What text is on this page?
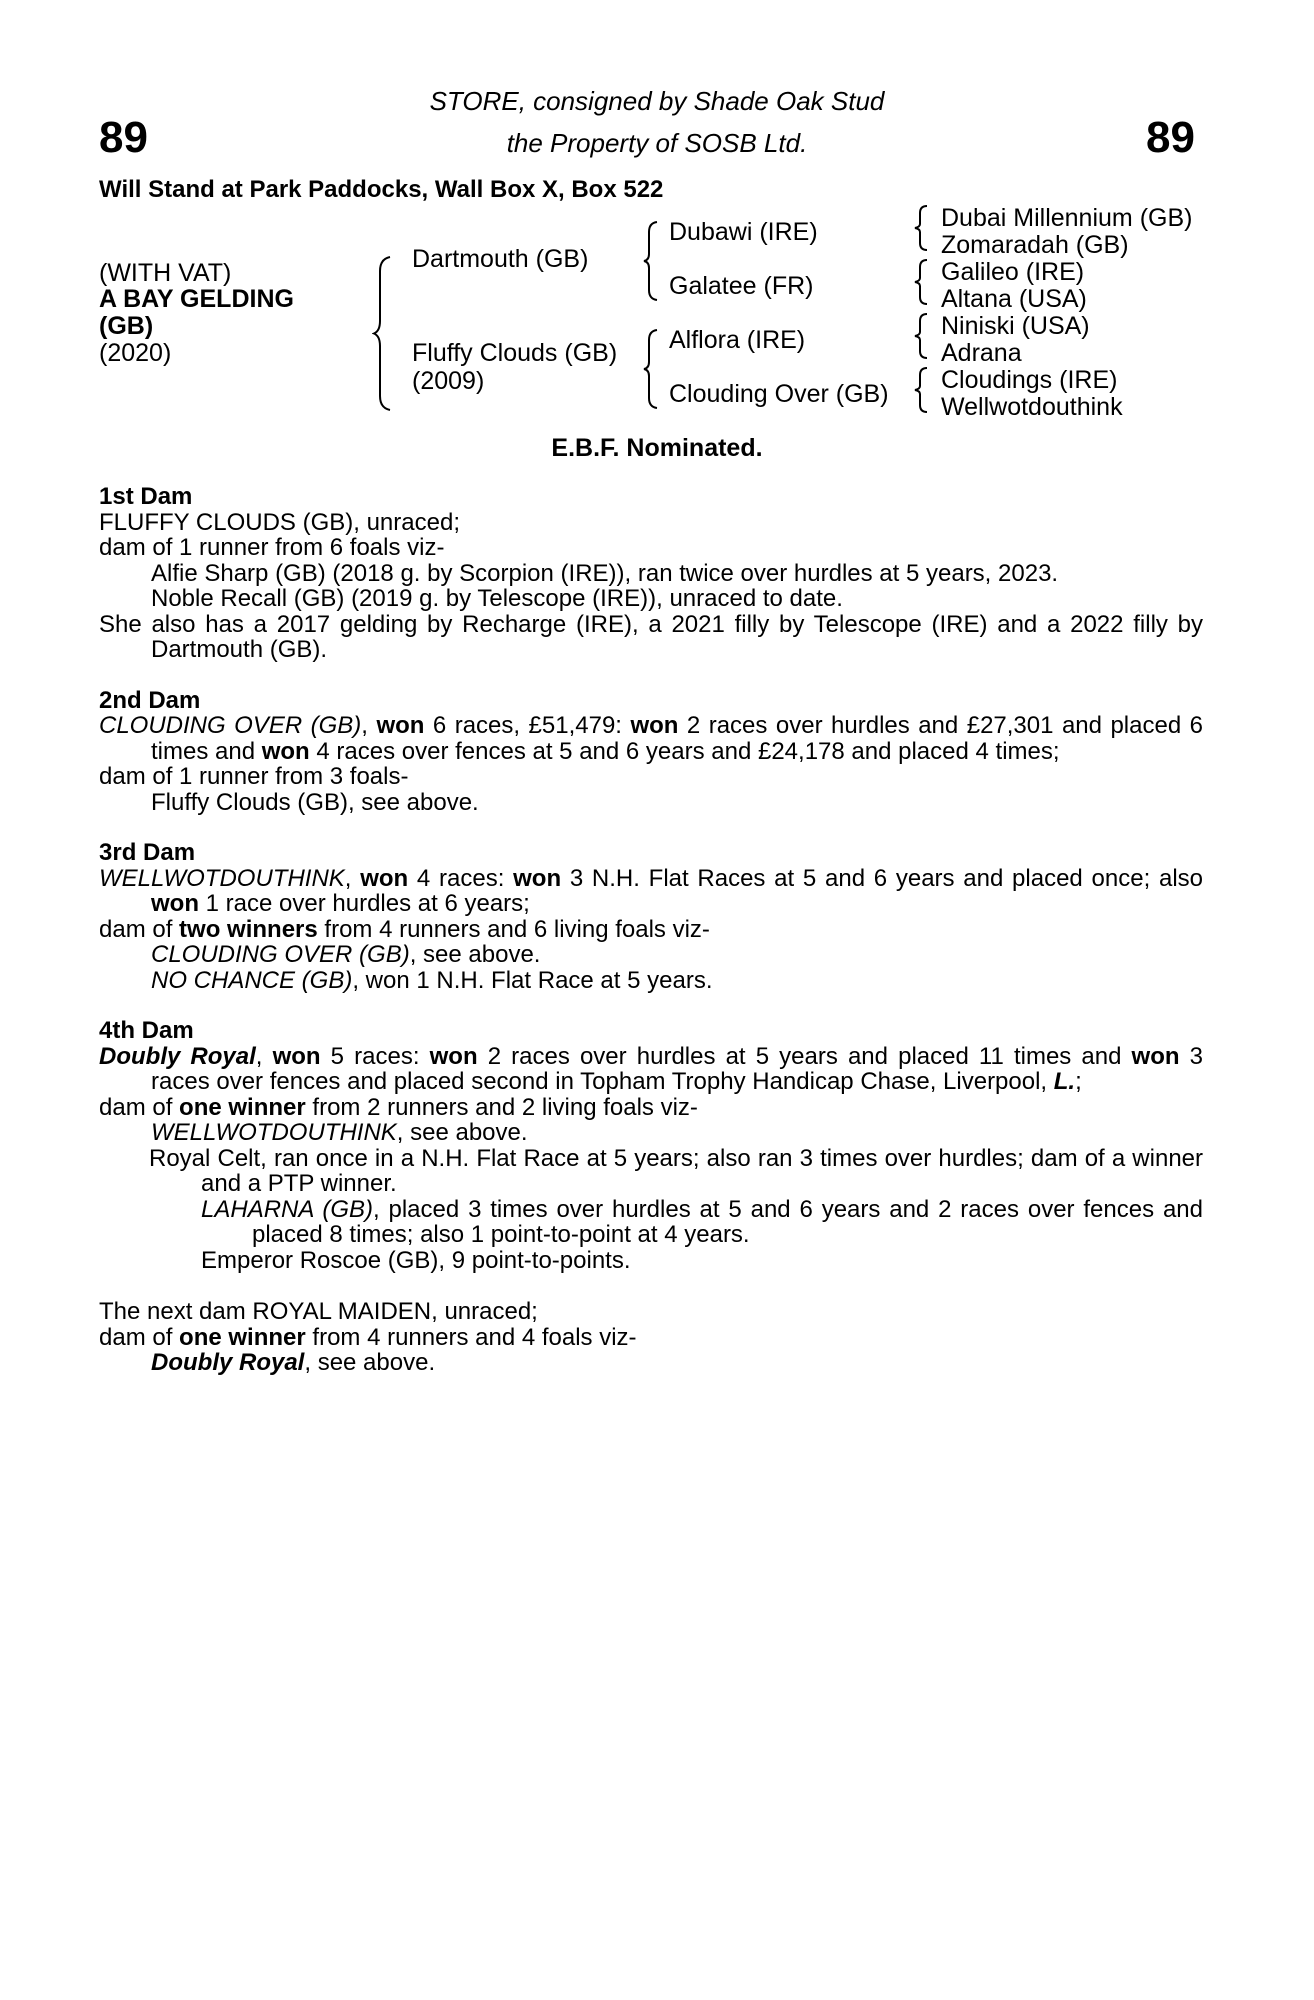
89	89
STORE, consigned by Shade Oak Stud
the Property of SOSB Ltd.
Will Stand at Park Paddocks, Wall Box X, Box 522
(WITH VAT)
A BAY GELDING
(GB)
(2020)
Dartmouth (GB)
Fluffy Clouds (GB)
(2009)
Dubawi (IRE)
Galatee (FR)
Alflora (IRE)
Clouding Over (GB)
Dubai Millennium (GB)
Zomaradah (GB)
Galileo (IRE)
Altana (USA)
Niniski (USA)
Adrana
Cloudings (IRE)
Wellwotdouthink
E.B.F. Nominated.

1st Dam

FLUFFY CLOUDS (GB), unraced;

dam of 1 runner from 6 foals viz-

Alfie Sharp (GB) (2018 g. by Scorpion (IRE)), ran twice over hurdles at 5 years, 2023.

Noble Recall (GB) (2019 g. by Telescope (IRE)), unraced to date.

She also has a 2017 gelding by Recharge (IRE), a 2021 filly by Telescope (IRE) and a 2022 filly by Dartmouth (GB).

2nd Dam

CLOUDING OVER (GB), won 6 races, £51,479: won 2 races over hurdles and £27,301 and placed 6 times and won 4 races over fences at 5 and 6 years and £24,178 and placed 4 times;

dam of 1 runner from 3 foals-

Fluffy Clouds (GB), see above.

3rd Dam

WELLWOTDOUTHINK, won 4 races: won 3 N.H. Flat Races at 5 and 6 years and placed once; also won 1 race over hurdles at 6 years;

dam of two winners from 4 runners and 6 living foals viz-

CLOUDING OVER (GB), see above.

NO CHANCE (GB), won 1 N.H. Flat Race at 5 years.

4th Dam

Doubly Royal, won 5 races: won 2 races over hurdles at 5 years and placed 11 times and won 3 races over fences and placed second in Topham Trophy Handicap Chase, Liverpool, L.;

dam of one winner from 2 runners and 2 living foals viz-

WELLWOTDOUTHINK, see above.

Royal Celt, ran once in a N.H. Flat Race at 5 years; also ran 3 times over hurdles; dam of a winner and a PTP winner.

LAHARNA (GB), placed 3 times over hurdles at 5 and 6 years and 2 races over fences and placed 8 times; also 1 point-to-point at 4 years.

Emperor Roscoe (GB), 9 point-to-points.

The next dam ROYAL MAIDEN, unraced;

dam of one winner from 4 runners and 4 foals viz-

Doubly Royal, see above.
